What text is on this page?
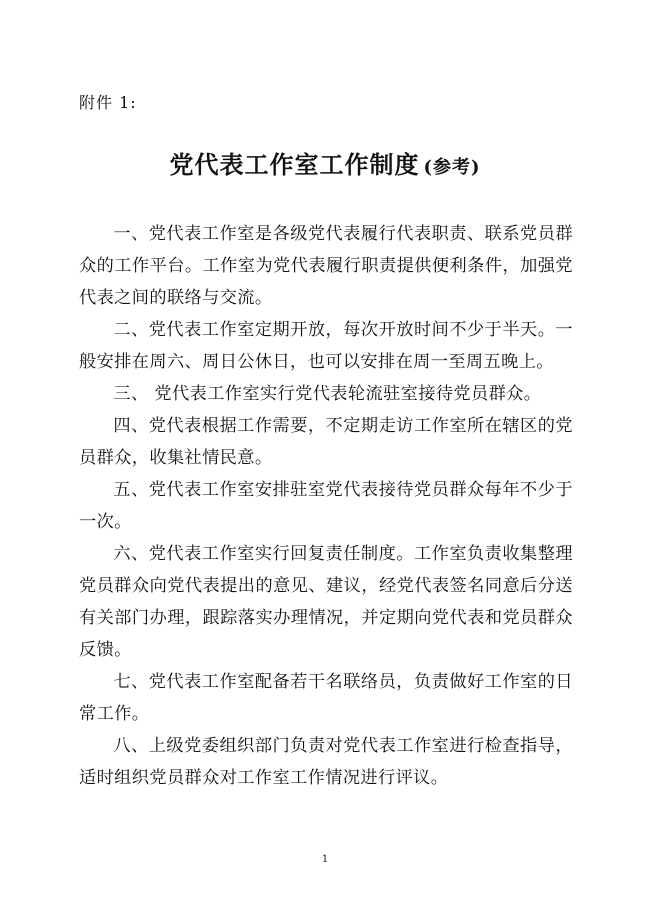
附件 1:
党代表工作室工作制度 (参考)

一、党代表工作室是各级党代表履行代表职责、联系党员群众的工作平台。工作室为党代表履行职责提供便利条件，加强党代表之间的联络与交流。

二、党代表工作室定期开放，每次开放时间不少于半天。一般安排在周六、周日公休日，也可以安排在周一至周五晚上。

三、 党代表工作室实行党代表轮流驻室接待党员群众。

四、党代表根据工作需要，不定期走访工作室所在辖区的党员群众，收集社情民意。

五、党代表工作室安排驻室党代表接待党员群众每年不少于一次。

六、党代表工作室实行回复责任制度。工作室负责收集整理党员群众向党代表提出的意见、建议，经党代表签名同意后分送有关部门办理，跟踪落实办理情况，并定期向党代表和党员群众反馈。

七、党代表工作室配备若干名联络员，负责做好工作室的日常工作。

八、上级党委组织部门负责对党代表工作室进行检查指导，适时组织党员群众对工作室工作情况进行评议。

1
